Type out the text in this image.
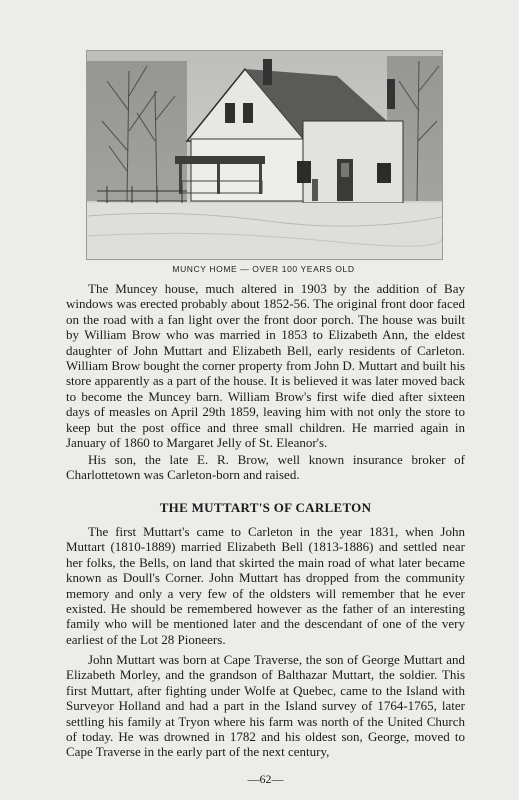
MUNCY HOME — OVER 100 YEARS OLD

The Muncey house, much altered in 1903 by the addition of Bay windows was erected probably about 1852-56. The original front door faced on the road with a fan light over the front door porch. The house was built by William Brow who was married in 1853 to Elizabeth Ann, the eldest daughter of John Muttart and Elizabeth Bell, early residents of Carleton. William Brow bought the corner property from John D. Muttart and built his store apparently as a part of the house. It is believed it was later moved back to become the Muncey barn. William Brow's first wife died after sixteen days of measles on April 29th 1859, leaving him with not only the store to keep but the post office and three small children. He married again in January of 1860 to Margaret Jelly of St. Eleanor's.

His son, the late E. R. Brow, well known insurance broker of Charlottetown was Carleton-born and raised.

THE MUTTART'S OF CARLETON

The first Muttart's came to Carleton in the year 1831, when John Muttart (1810-1889) married Elizabeth Bell (1813-1886) and settled near her folks, the Bells, on land that skirted the main road of what later became known as Doull's Corner. John Muttart has dropped from the community memory and only a very few of the oldsters will remember that he ever existed. He should be remembered however as the father of an interesting family who will be mentioned later and the descendant of one of the very earliest of the Lot 28 Pioneers.

John Muttart was born at Cape Traverse, the son of George Muttart and Elizabeth Morley, and the grandson of Balthazar Muttart, the soldier. This first Muttart, after fighting under Wolfe at Quebec, came to the Island with Surveyor Holland and had a part in the Island survey of 1764-1765, later settling his family at Tryon where his farm was north of the United Church of today. He was drowned in 1782 and his oldest son, George, moved to Cape Traverse in the early part of the next century,

—62—
